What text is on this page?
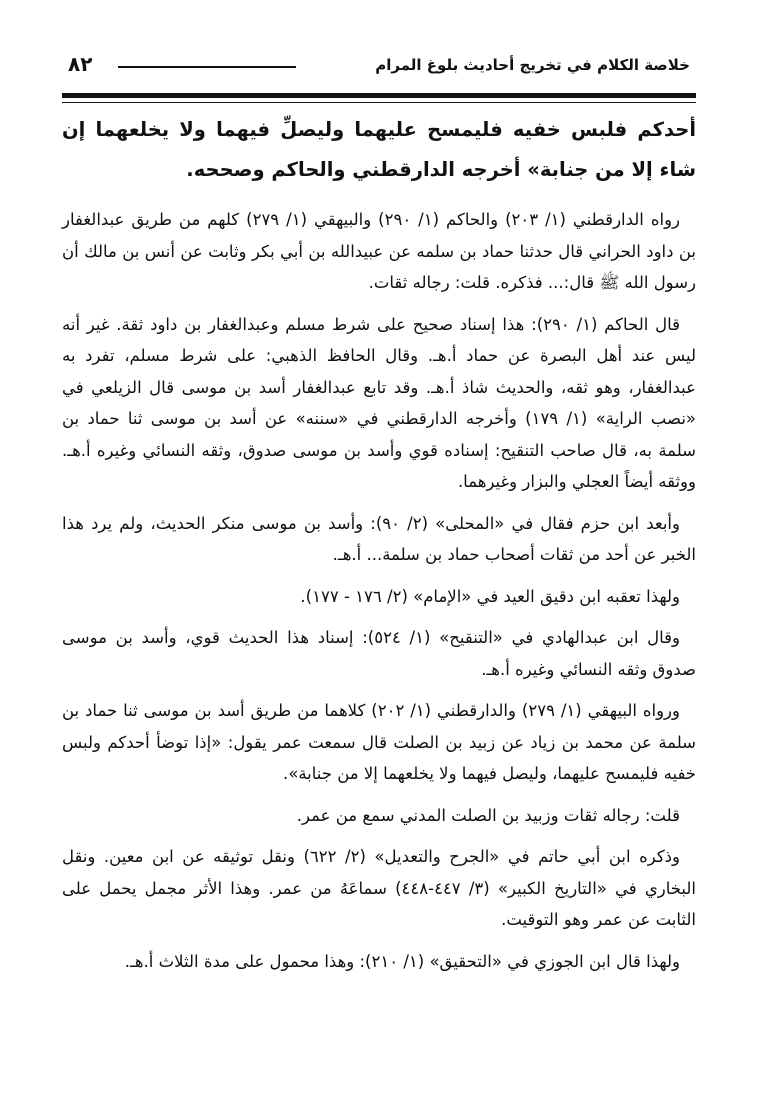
٨٢	خلاصة الكلام في تخريج أحاديث بلوغ المرام

أحدكم فلبس خفيه فليمسح عليهما وليصلِّ فيهما ولا يخلعهما إن شاء إلا من جنابة» أخرجه الدارقطني والحاكم وصححه.

رواه الدارقطني (١/ ٢٠٣) والحاكم (١/ ٢٩٠) والبيهقي (١/ ٢٧٩) كلهم من طريق عبدالغفار بن داود الحراني قال حدثنا حماد بن سلمه عن عبيدالله بن أبي بكر وثابت عن أنس بن مالك أن رسول الله ﷺ قال:... فذكره. قلت: رجاله ثقات.

قال الحاكم (١/ ٢٩٠): هذا إسناد صحيح على شرط مسلم وعبدالغفار بن داود ثقة. غير أنه ليس عند أهل البصرة عن حماد أ.هـ. وقال الحافظ الذهبي: على شرط مسلم، تفرد به عبدالغفار، وهو ثقه، والحديث شاذ أ.هـ. وقد تابع عبدالغفار أسد بن موسى قال الزيلعي في «نصب الراية» (١/ ١٧٩) وأخرجه الدارقطني في «سننه» عن أسد بن موسى ثنا حماد بن سلمة به، قال صاحب التنقيح: إسناده قوي وأسد بن موسى صدوق، وثقه النسائي وغيره أ.هـ. ووثقه أيضاً العجلي والبزار وغيرهما.

وأبعد ابن حزم فقال في «المحلى» (٢/ ٩٠): وأسد بن موسى منكر الحديث، ولم يرد هذا الخبر عن أحد من ثقات أصحاب حماد بن سلمة... أ.هـ.

ولهذا تعقبه ابن دقيق العيد في «الإمام» (٢/ ١٧٦ - ١٧٧).

وقال ابن عبدالهادي في «التنقيح» (١/ ٥٢٤): إسناد هذا الحديث قوي، وأسد بن موسى صدوق وثقه النسائي وغيره أ.هـ.

ورواه البيهقي (١/ ٢٧٩) والدارقطني (١/ ٢٠٢) كلاهما من طريق أسد بن موسى ثنا حماد بن سلمة عن محمد بن زياد عن زبيد بن الصلت قال سمعت عمر يقول: «إذا توضأ أحدكم ولبس خفيه فليمسح عليهما، وليصل فيهما ولا يخلعهما إلا من جنابة».

قلت: رجاله ثقات وزبيد بن الصلت المدني سمع من عمر.

وذكره ابن أبي حاتم في «الجرح والتعديل» (٢/ ٦٢٢) ونقل توثيقه عن ابن معين. ونقل البخاري في «التاريخ الكبير» (٣/ ٤٤٧-٤٤٨) سماعَهُ من عمر. وهذا الأثر مجمل يحمل على الثابت عن عمر وهو التوقيت.

ولهذا قال ابن الجوزي في «التحقيق» (١/ ٢١٠): وهذا محمول على مدة الثلاث أ.هـ.
